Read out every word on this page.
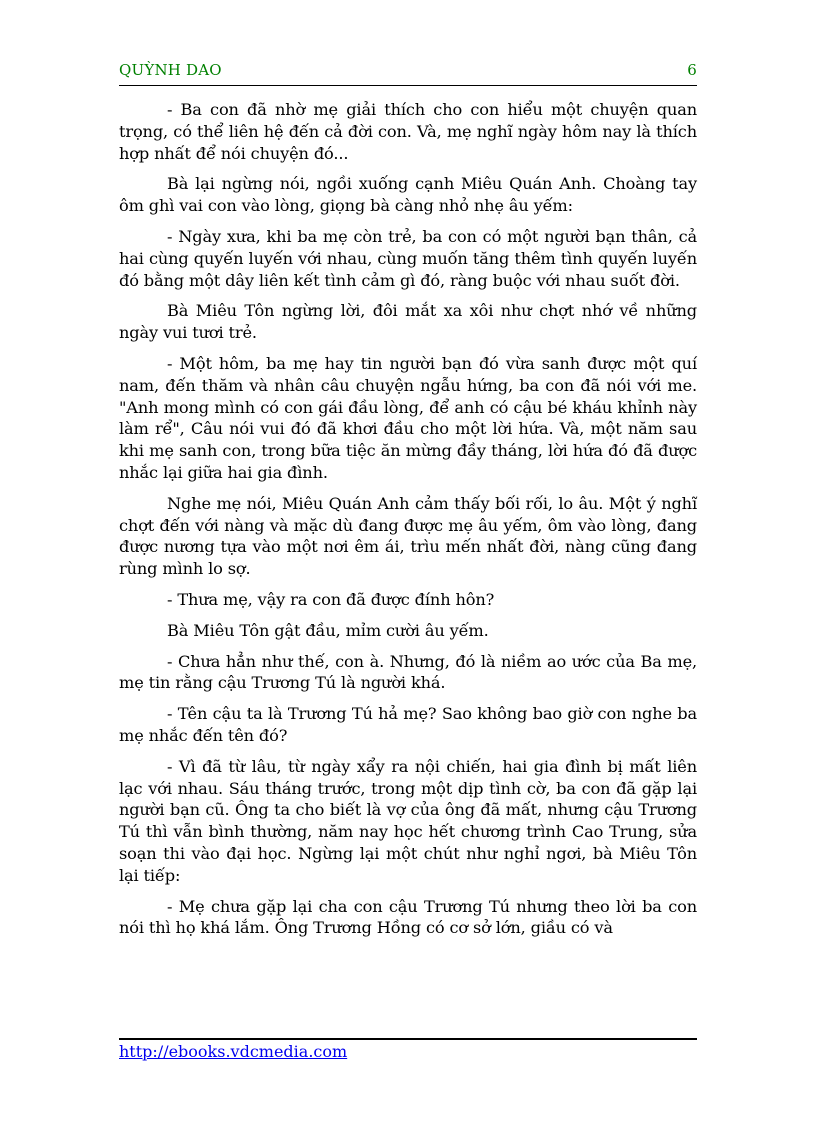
QUỲNH DAO	6

- Ba con đã nhờ mẹ giải thích cho con hiểu một chuyện quan trọng, có thể liên hệ đến cả đời con. Và, mẹ nghĩ ngày hôm nay là thích hợp nhất để nói chuyện đó...

Bà lại ngừng nói, ngồi xuống cạnh Miêu Quán Anh. Choàng tay ôm ghì vai con vào lòng, giọng bà càng nhỏ nhẹ âu yếm:

- Ngày xưa, khi ba mẹ còn trẻ, ba con có một người bạn thân, cả hai cùng quyến luyến với nhau, cùng muốn tăng thêm tình quyến luyến đó bằng một dây liên kết tình cảm gì đó, ràng buộc với nhau suốt đời.

Bà Miêu Tôn ngừng lời, đôi mắt xa xôi như chợt nhớ về những ngày vui tươi trẻ.

- Một hôm, ba mẹ hay tin người bạn đó vừa sanh được một quí nam, đến thăm và nhân câu chuyện ngẫu hứng, ba con đã nói với me. "Anh mong mình có con gái đầu lòng, để anh có cậu bé kháu khỉnh này làm rể", Câu nói vui đó đã khơi đầu cho một lời hứa. Và, một năm sau khi mẹ sanh con, trong bữa tiệc ăn mừng đầy tháng, lời hứa đó đã được nhắc lại giữa hai gia đình.

Nghe mẹ nói, Miêu Quán Anh cảm thấy bối rối, lo âu. Một ý nghĩ chợt đến với nàng và mặc dù đang được mẹ âu yếm, ôm vào lòng, đang được nương tựa vào một nơi êm ái, trìu mến nhất đời, nàng cũng đang rùng mình lo sợ.

- Thưa mẹ, vậy ra con đã được đính hôn?

Bà Miêu Tôn gật đầu, mỉm cười âu yếm.

- Chưa hẳn như thế, con à. Nhưng, đó là niềm ao ước của Ba mẹ, mẹ tin rằng cậu Trương Tú là người khá.

- Tên cậu ta là Trương Tú hả mẹ? Sao không bao giờ con nghe ba mẹ nhắc đến tên đó?

- Vì đã từ lâu, từ ngày xẩy ra nội chiến, hai gia đình bị mất liên lạc với nhau. Sáu tháng trước, trong một dịp tình cờ, ba con đã gặp lại người bạn cũ. Ông ta cho biết là vợ của ông đã mất, nhưng cậu Trương Tú thì vẫn bình thường, năm nay học hết chương trình Cao Trung, sửa soạn thi vào đại học. Ngừng lại một chút như nghỉ ngơi, bà Miêu Tôn lại tiếp:

- Mẹ chưa gặp lại cha con cậu Trương Tú nhưng theo lời ba con nói thì họ khá lắm. Ông Trương Hồng có cơ sở lớn, giầu có và

http://ebooks.vdcmedia.com
